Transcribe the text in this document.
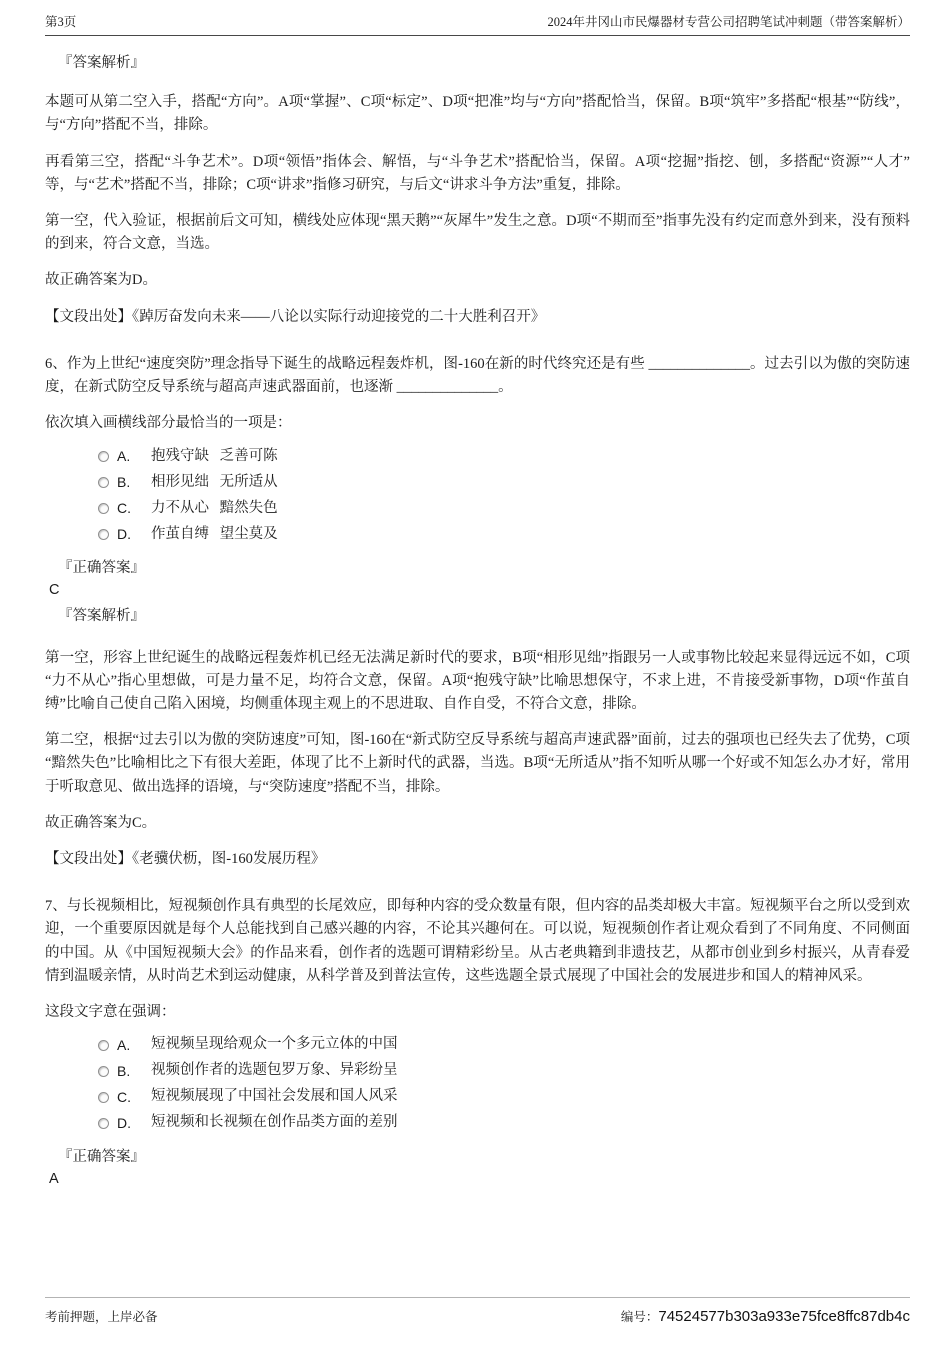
第3页	2024年井冈山市民爆器材专营公司招聘笔试冲刺题（带答案解析）
『答案解析』

本题可从第二空入手，搭配“方向”。A项“掌握”、C项“标定”、D项“把准”均与“方向”搭配恰当，保留。B项“筑牢”多搭配“根基”“防线”，与“方向”搭配不当，排除。

再看第三空，搭配“斗争艺术”。D项“领悟”指体会、解悟，与“斗争艺术”搭配恰当，保留。A项“挖掘”指挖、刨，多搭配“资源”“人才”等，与“艺术”搭配不当，排除；C项“讲求”指修习研究，与后文“讲求斗争方法”重复，排除。

第一空，代入验证，根据前后文可知，横线处应体现“黑天鹅”“灰犀牛”发生之意。D项“不期而至”指事先没有约定而意外到来，没有预料的到来，符合文意，当选。

故正确答案为D。

【文段出处】《踔厉奋发向未来——八论以实际行动迎接党的二十大胜利召开》

6、作为上世纪“速度突防”理念指导下诞生的战略远程轰炸机，图-160在新的时代终究还是有些 ______________。过去引以为傲的突防速度，在新式防空反导系统与超高声速武器面前，也逐渐 ______________。

依次填入画横线部分最恰当的一项是：

A.	抱残守缺 乏善可陈
B.	相形见绌 无所适从
C.	力不从心 黯然失色
D.	作茧自缚 望尘莫及
『正确答案』
C
『答案解析』

第一空，形容上世纪诞生的战略远程轰炸机已经无法满足新时代的要求，B项“相形见绌”指跟另一人或事物比较起来显得远远不如，C项“力不从心”指心里想做，可是力量不足，均符合文意，保留。A项“抱残守缺”比喻思想保守，不求上进，不肯接受新事物，D项“作茧自缚”比喻自己使自己陷入困境，均侧重体现主观上的不思进取、自作自受，不符合文意，排除。

第二空，根据“过去引以为傲的突防速度”可知，图-160在“新式防空反导系统与超高声速武器”面前，过去的强项也已经失去了优势，C项“黯然失色”比喻相比之下有很大差距，体现了比不上新时代的武器，当选。B项“无所适从”指不知听从哪一个好或不知怎么办才好，常用于听取意见、做出选择的语境，与“突防速度”搭配不当，排除。

故正确答案为C。

【文段出处】《老骥伏枥，图-160发展历程》

7、与长视频相比，短视频创作具有典型的长尾效应，即每种内容的受众数量有限，但内容的品类却极大丰富。短视频平台之所以受到欢迎，一个重要原因就是每个人总能找到自己感兴趣的内容，不论其兴趣何在。可以说，短视频创作者让观众看到了不同角度、不同侧面的中国。从《中国短视频大会》的作品来看，创作者的选题可谓精彩纷呈。从古老典籍到非遗技艺，从都市创业到乡村振兴，从青春爱情到温暖亲情，从时尚艺术到运动健康，从科学普及到普法宣传，这些选题全景式展现了中国社会的发展进步和国人的精神风采。

这段文字意在强调：

A.	短视频呈现给观众一个多元立体的中国
B.	视频创作者的选题包罗万象、异彩纷呈
C.	短视频展现了中国社会发展和国人风采
D.	短视频和长视频在创作品类方面的差别
『正确答案』
A
考前押题，上岸必备	编号：74524577b303a933e75fce8ffc87db4c
